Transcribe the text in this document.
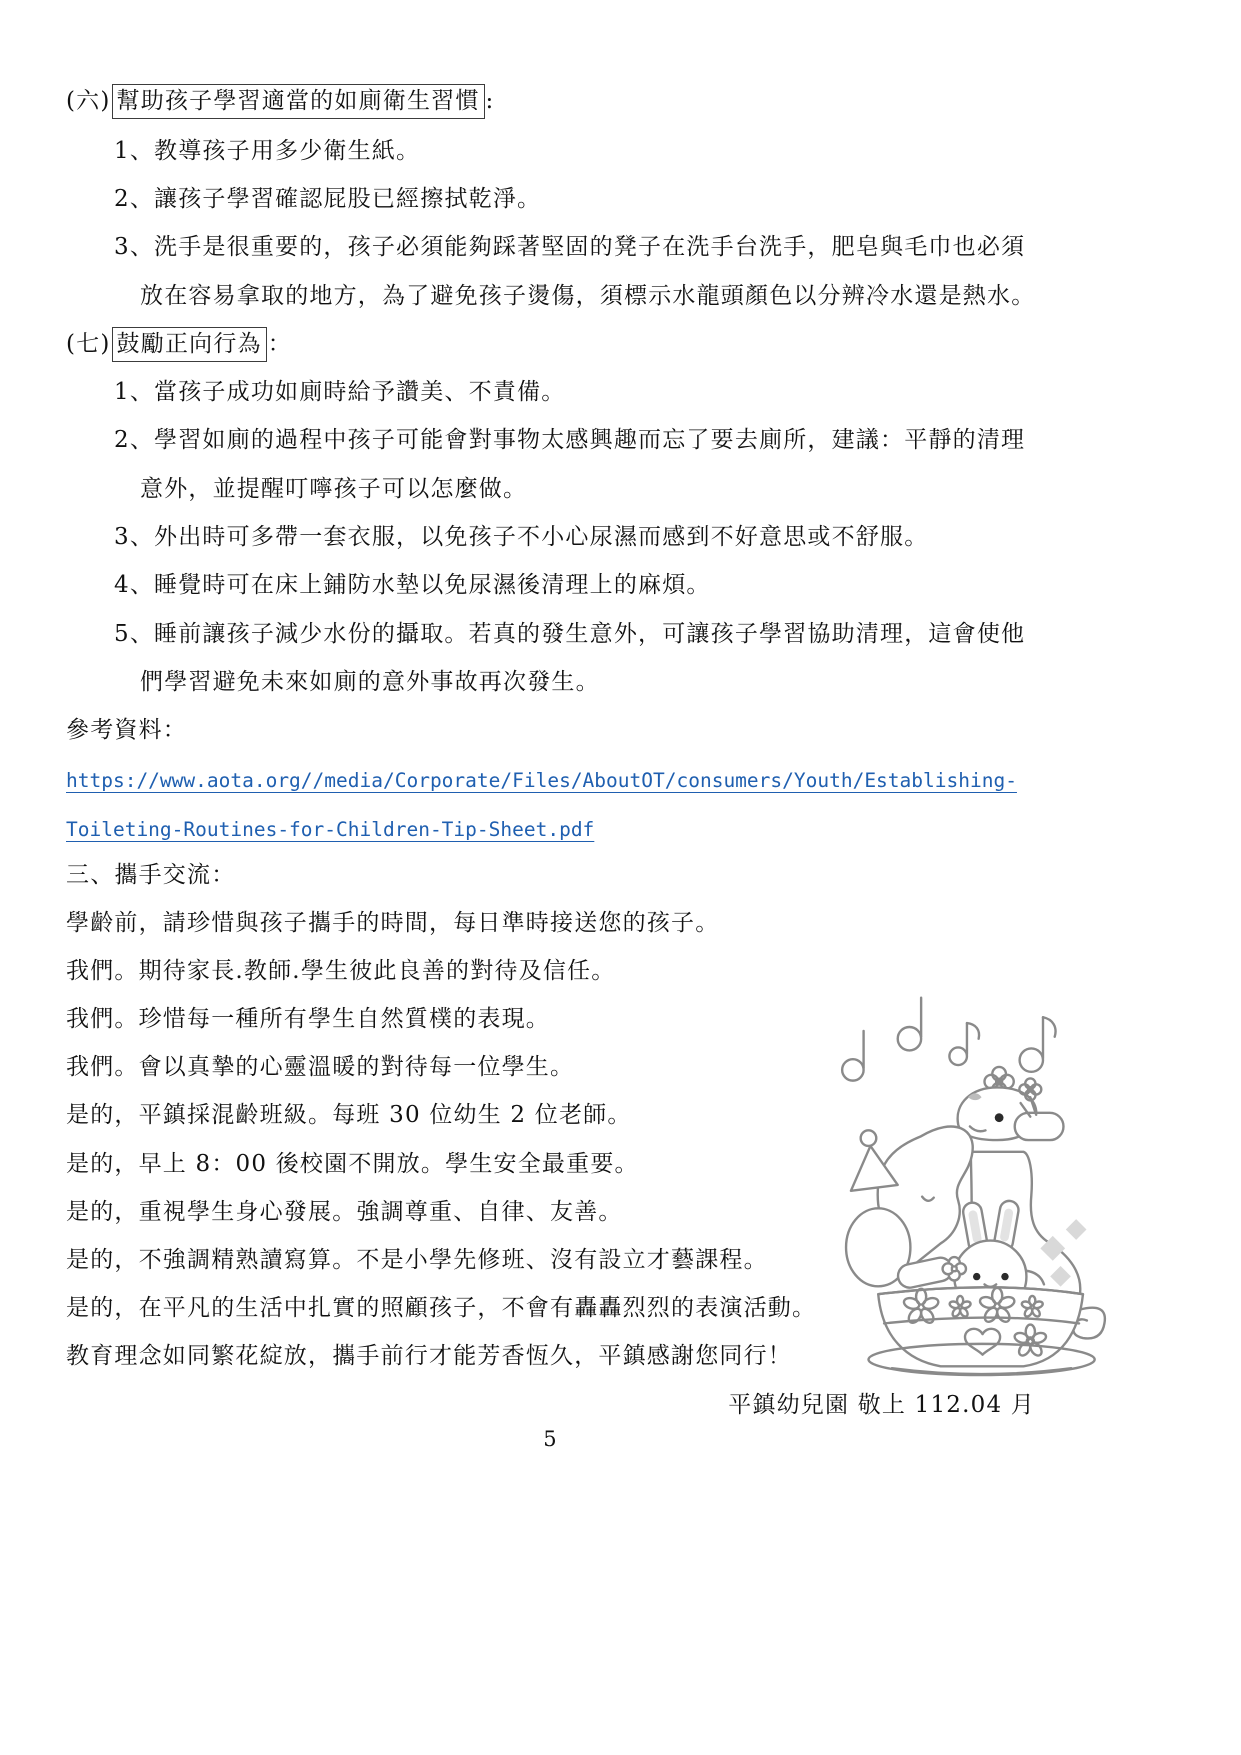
(六) 幫助孩子學習適當的如廁衛生習慣 :
1、教導孩子用多少衛生紙。
2、讓孩子學習確認屁股已經擦拭乾淨。
3、洗手是很重要的，孩子必須能夠踩著堅固的凳子在洗手台洗手，肥皂與毛巾也必須
放在容易拿取的地方，為了避免孩子燙傷，須標示水龍頭顏色以分辨冷水還是熱水。
(七) 鼓勵正向行為 ：
1、當孩子成功如廁時給予讚美、不責備。
2、學習如廁的過程中孩子可能會對事物太感興趣而忘了要去廁所，建議：平靜的清理
意外，並提醒叮嚀孩子可以怎麼做。
3、外出時可多帶一套衣服，以免孩子不小心尿濕而感到不好意思或不舒服。
4、睡覺時可在床上鋪防水墊以免尿濕後清理上的麻煩。
5、睡前讓孩子減少水份的攝取。若真的發生意外，可讓孩子學習協助清理，這會使他
們學習避免未來如廁的意外事故再次發生。
參考資料：
https://www.aota.org//media/Corporate/Files/AboutOT/consumers/Youth/Establishing-
Toileting-Routines-for-Children-Tip-Sheet.pdf
三、攜手交流：
學齡前，請珍惜與孩子攜手的時間，每日準時接送您的孩子。
我們。期待家長.教師.學生彼此良善的對待及信任。
我們。珍惜每一種所有學生自然質樸的表現。
我們。會以真摯的心靈溫暖的對待每一位學生。
是的，平鎮採混齡班級。每班 30 位幼生 2 位老師。
是的，早上 8：00 後校園不開放。學生安全最重要。
是的，重視學生身心發展。強調尊重、自律、友善。
是的，不強調精熟讀寫算。不是小學先修班、沒有設立才藝課程。
是的，在平凡的生活中扎實的照顧孩子，不會有轟轟烈烈的表演活動。
教育理念如同繁花綻放，攜手前行才能芳香恆久，平鎮感謝您同行！
平鎮幼兒園 敬上 112.04 月
5
